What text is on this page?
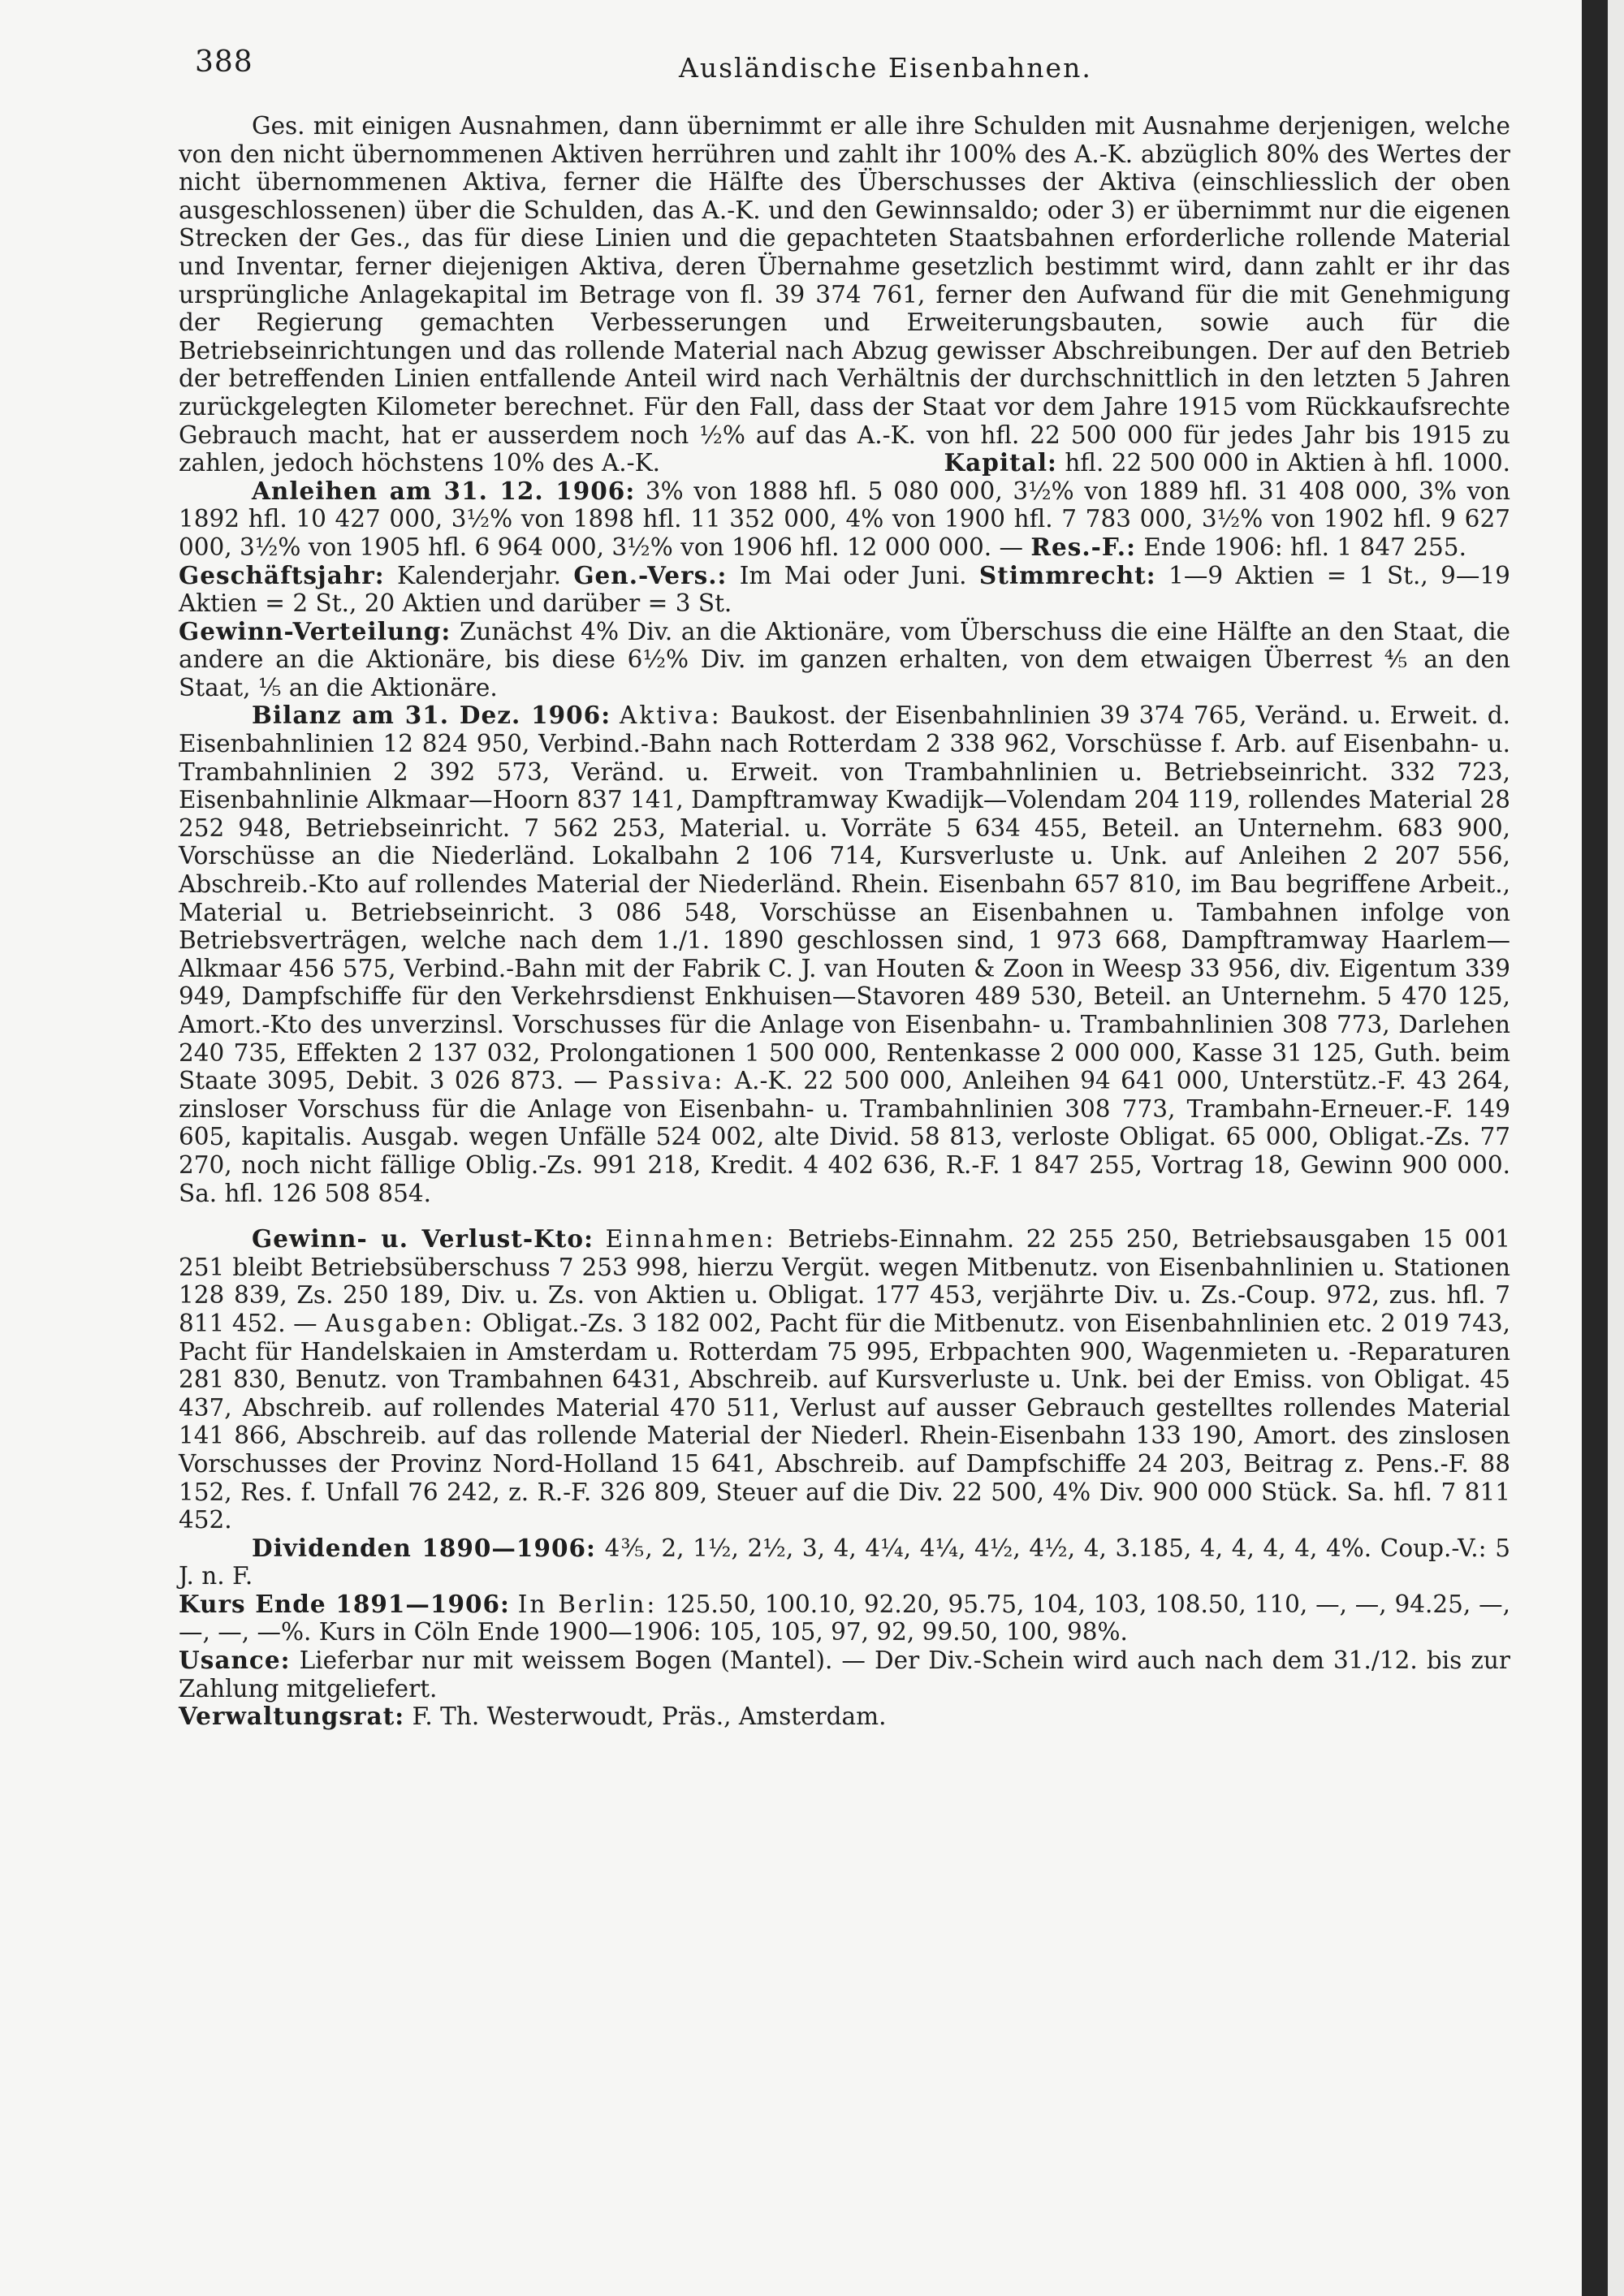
388	Ausländische Eisenbahnen.

Ges. mit einigen Ausnahmen, dann übernimmt er alle ihre Schulden mit Ausnahme derjenigen, welche von den nicht übernommenen Aktiven herrühren und zahlt ihr 100% des A.-K. abzüglich 80% des Wertes der nicht übernommenen Aktiva, ferner die Hälfte des Überschusses der Aktiva (einschliesslich der oben ausgeschlossenen) über die Schulden, das A.-K. und den Gewinnsaldo; oder 3) er übernimmt nur die eigenen Strecken der Ges., das für diese Linien und die gepachteten Staatsbahnen erforderliche rollende Material und Inventar, ferner diejenigen Aktiva, deren Übernahme gesetzlich bestimmt wird, dann zahlt er ihr das ursprüngliche Anlagekapital im Betrage von fl. 39 374 761, ferner den Aufwand für die mit Genehmigung der Regierung gemachten Verbesserungen und Erweiterungsbauten, sowie auch für die Betriebseinrichtungen und das rollende Material nach Abzug gewisser Abschreibungen. Der auf den Betrieb der betreffenden Linien entfallende Anteil wird nach Verhältnis der durchschnittlich in den letzten 5 Jahren zurückgelegten Kilometer berechnet. Für den Fall, dass der Staat vor dem Jahre 1915 vom Rückkaufsrechte Gebrauch macht, hat er ausserdem noch ½% auf das A.-K. von hfl. 22 500 000 für jedes Jahr bis 1915 zu zahlen, jedoch höchstens 10% des A.-K.	Kapital: hfl. 22 500 000 in Aktien à hfl. 1000.

Anleihen am 31. 12. 1906: 3% von 1888 hfl. 5 080 000, 3½% von 1889 hfl. 31 408 000, 3% von 1892 hfl. 10 427 000, 3½% von 1898 hfl. 11 352 000, 4% von 1900 hfl. 7 783 000, 3½% von 1902 hfl. 9 627 000, 3½% von 1905 hfl. 6 964 000, 3½% von 1906 hfl. 12 000 000. — Res.-F.: Ende 1906: hfl. 1 847 255.

Geschäftsjahr: Kalenderjahr. Gen.-Vers.: Im Mai oder Juni. Stimmrecht: 1—9 Aktien = 1 St., 9—19 Aktien = 2 St., 20 Aktien und darüber = 3 St.

Gewinn-Verteilung: Zunächst 4% Div. an die Aktionäre, vom Überschuss die eine Hälfte an den Staat, die andere an die Aktionäre, bis diese 6½% Div. im ganzen erhalten, von dem etwaigen Überrest ⅘ an den Staat, ⅕ an die Aktionäre.

Bilanz am 31. Dez. 1906: Aktiva: Baukost. der Eisenbahnlinien 39 374 765, Veränd. u. Erweit. d. Eisenbahnlinien 12 824 950, Verbind.-Bahn nach Rotterdam 2 338 962, Vorschüsse f. Arb. auf Eisenbahn- u. Trambahnlinien 2 392 573, Veränd. u. Erweit. von Trambahnlinien u. Betriebseinricht. 332 723, Eisenbahnlinie Alkmaar—Hoorn 837 141, Dampftramway Kwadijk—Volendam 204 119, rollendes Material 28 252 948, Betriebseinricht. 7 562 253, Material. u. Vorräte 5 634 455, Beteil. an Unternehm. 683 900, Vorschüsse an die Niederländ. Lokalbahn 2 106 714, Kursverluste u. Unk. auf Anleihen 2 207 556, Abschreib.-Kto auf rollendes Material der Niederländ. Rhein. Eisenbahn 657 810, im Bau begriffene Arbeit., Material u. Betriebseinricht. 3 086 548, Vorschüsse an Eisenbahnen u. Tambahnen infolge von Betriebsverträgen, welche nach dem 1./1. 1890 geschlossen sind, 1 973 668, Dampftramway Haarlem—Alkmaar 456 575, Verbind.-Bahn mit der Fabrik C. J. van Houten & Zoon in Weesp 33 956, div. Eigentum 339 949, Dampfschiffe für den Verkehrsdienst Enkhuisen—Stavoren 489 530, Beteil. an Unternehm. 5 470 125, Amort.-Kto des unverzinsl. Vorschusses für die Anlage von Eisenbahn- u. Trambahnlinien 308 773, Darlehen 240 735, Effekten 2 137 032, Prolongationen 1 500 000, Rentenkasse 2 000 000, Kasse 31 125, Guth. beim Staate 3095, Debit. 3 026 873. — Passiva: A.-K. 22 500 000, Anleihen 94 641 000, Unterstütz.-F. 43 264, zinsloser Vorschuss für die Anlage von Eisenbahn- u. Trambahnlinien 308 773, Trambahn-Erneuer.-F. 149 605, kapitalis. Ausgab. wegen Unfälle 524 002, alte Divid. 58 813, verloste Obligat. 65 000, Obligat.-Zs. 77 270, noch nicht fällige Oblig.-Zs. 991 218, Kredit. 4 402 636, R.-F. 1 847 255, Vortrag 18, Gewinn 900 000. Sa. hfl. 126 508 854.

Gewinn- u. Verlust-Kto: Einnahmen: Betriebs-Einnahm. 22 255 250, Betriebsausgaben 15 001 251 bleibt Betriebsüberschuss 7 253 998, hierzu Vergüt. wegen Mitbenutz. von Eisenbahnlinien u. Stationen 128 839, Zs. 250 189, Div. u. Zs. von Aktien u. Obligat. 177 453, verjährte Div. u. Zs.-Coup. 972, zus. hfl. 7 811 452. — Ausgaben: Obligat.-Zs. 3 182 002, Pacht für die Mitbenutz. von Eisenbahnlinien etc. 2 019 743, Pacht für Handelskaien in Amsterdam u. Rotterdam 75 995, Erbpachten 900, Wagenmieten u. -Reparaturen 281 830, Benutz. von Trambahnen 6431, Abschreib. auf Kursverluste u. Unk. bei der Emiss. von Obligat. 45 437, Abschreib. auf rollendes Material 470 511, Verlust auf ausser Gebrauch gestelltes rollendes Material 141 866, Abschreib. auf das rollende Material der Niederl. Rhein-Eisenbahn 133 190, Amort. des zinslosen Vorschusses der Provinz Nord-Holland 15 641, Abschreib. auf Dampfschiffe 24 203, Beitrag z. Pens.-F. 88 152, Res. f. Unfall 76 242, z. R.-F. 326 809, Steuer auf die Div. 22 500, 4% Div. 900 000 Stück. Sa. hfl. 7 811 452.

Dividenden 1890—1906: 4⅗, 2, 1½, 2½, 3, 4, 4¼, 4¼, 4½, 4½, 4, 3.185, 4, 4, 4, 4, 4%. Coup.-V.: 5 J. n. F.

Kurs Ende 1891—1906: In Berlin: 125.50, 100.10, 92.20, 95.75, 104, 103, 108.50, 110, —, —, 94.25, —, —, —, —%. Kurs in Cöln Ende 1900—1906: 105, 105, 97, 92, 99.50, 100, 98%.

Usance: Lieferbar nur mit weissem Bogen (Mantel). — Der Div.-Schein wird auch nach dem 31./12. bis zur Zahlung mitgeliefert.

Verwaltungsrat: F. Th. Westerwoudt, Präs., Amsterdam.
